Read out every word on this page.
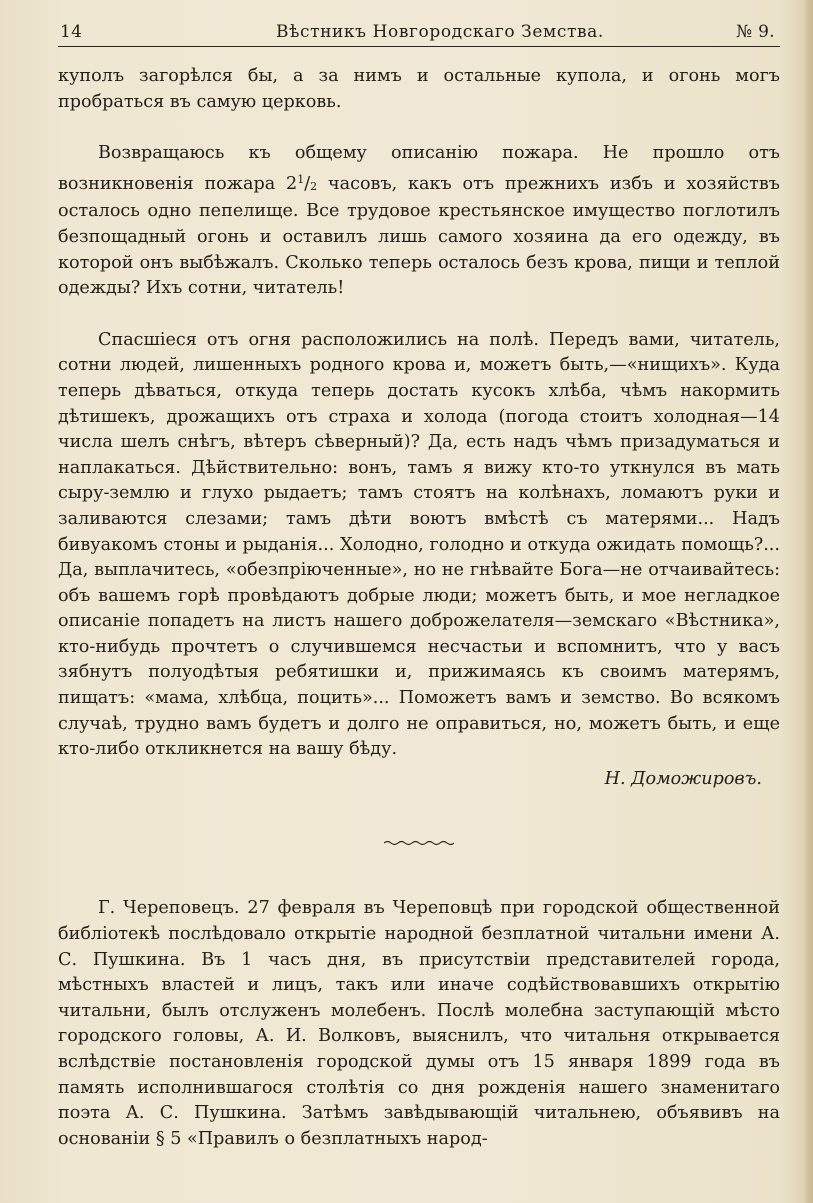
14	Вѣстникъ Новгородскаго Земства.	№ 9.

куполъ загорѣлся бы, а за нимъ и остальные купола, и огонь могъ пробраться въ самую церковь.

Возвращаюсь къ общему описанію пожара. Не прошло отъ возникновенія пожара $2^1/_2$ часовъ, какъ отъ прежнихъ избъ и хозяйствъ осталось одно пепелище. Все трудовое крестьянское имущество поглотилъ безпощадный огонь и оставилъ лишь самого хозяина да его одежду, въ которой онъ выбѣжалъ. Сколько теперь осталось безъ крова, пищи и теплой одежды? Ихъ сотни, читатель!

Спасшіеся отъ огня расположились на полѣ. Передъ вами, читатель, сотни людей, лишенныхъ родного крова и, можетъ быть,—«нищихъ». Куда теперь дѣваться, откуда теперь достать кусокъ хлѣба, чѣмъ накормить дѣтишекъ, дрожащихъ отъ страха и холода (погода стоитъ холодная—14 числа шелъ снѣгъ, вѣтеръ сѣверный)? Да, есть надъ чѣмъ призадуматься и наплакаться. Дѣйствительно: вонъ, тамъ я вижу кто-то уткнулся въ мать сыру-землю и глухо рыдаетъ; тамъ стоятъ на колѣнахъ, ломаютъ руки и заливаются слезами; тамъ дѣти воютъ вмѣстѣ съ матерями... Надъ бивуакомъ стоны и рыданія... Холодно, голодно и откуда ожидать помощь?... Да, выплачитесь, «обезпріюченные», но не гнѣвайте Бога—не отчаивайтесь: объ вашемъ горѣ провѣдаютъ добрые люди; можетъ быть, и мое негладкое описаніе попадетъ на листъ нашего доброжелателя—земскаго «Вѣстника», кто-нибудь прочтетъ о случившемся несчастьи и вспомнитъ, что у васъ зябнутъ полуодѣтыя ребятишки и, прижимаясь къ своимъ матерямъ, пищатъ: «мама, хлѣбца, поцить»... Поможетъ вамъ и земство. Во всякомъ случаѣ, трудно вамъ будетъ и долго не оправиться, но, можетъ быть, и еще кто-либо откликнется на вашу бѣду.

Н. Доможировъ.

Г. Череповецъ. 27 февраля въ Череповцѣ при городской общественной библіотекѣ послѣдовало открытіе народной безплатной читальни имени А. С. Пушкина. Въ 1 часъ дня, въ присутствіи представителей города, мѣстныхъ властей и лицъ, такъ или иначе содѣйствовавшихъ открытію читальни, былъ отслуженъ молебенъ. Послѣ молебна заступающій мѣсто городского головы, А. И. Волковъ, выяснилъ, что читальня открывается вслѣдствіе постановленія городской думы отъ 15 января 1899 года въ память исполнившагося столѣтія со дня рожденія нашего знаменитаго поэта А. С. Пушкина. Затѣмъ завѣдывающій читальнею, объявивъ на основаніи § 5 «Правилъ о безплатныхъ народ-
